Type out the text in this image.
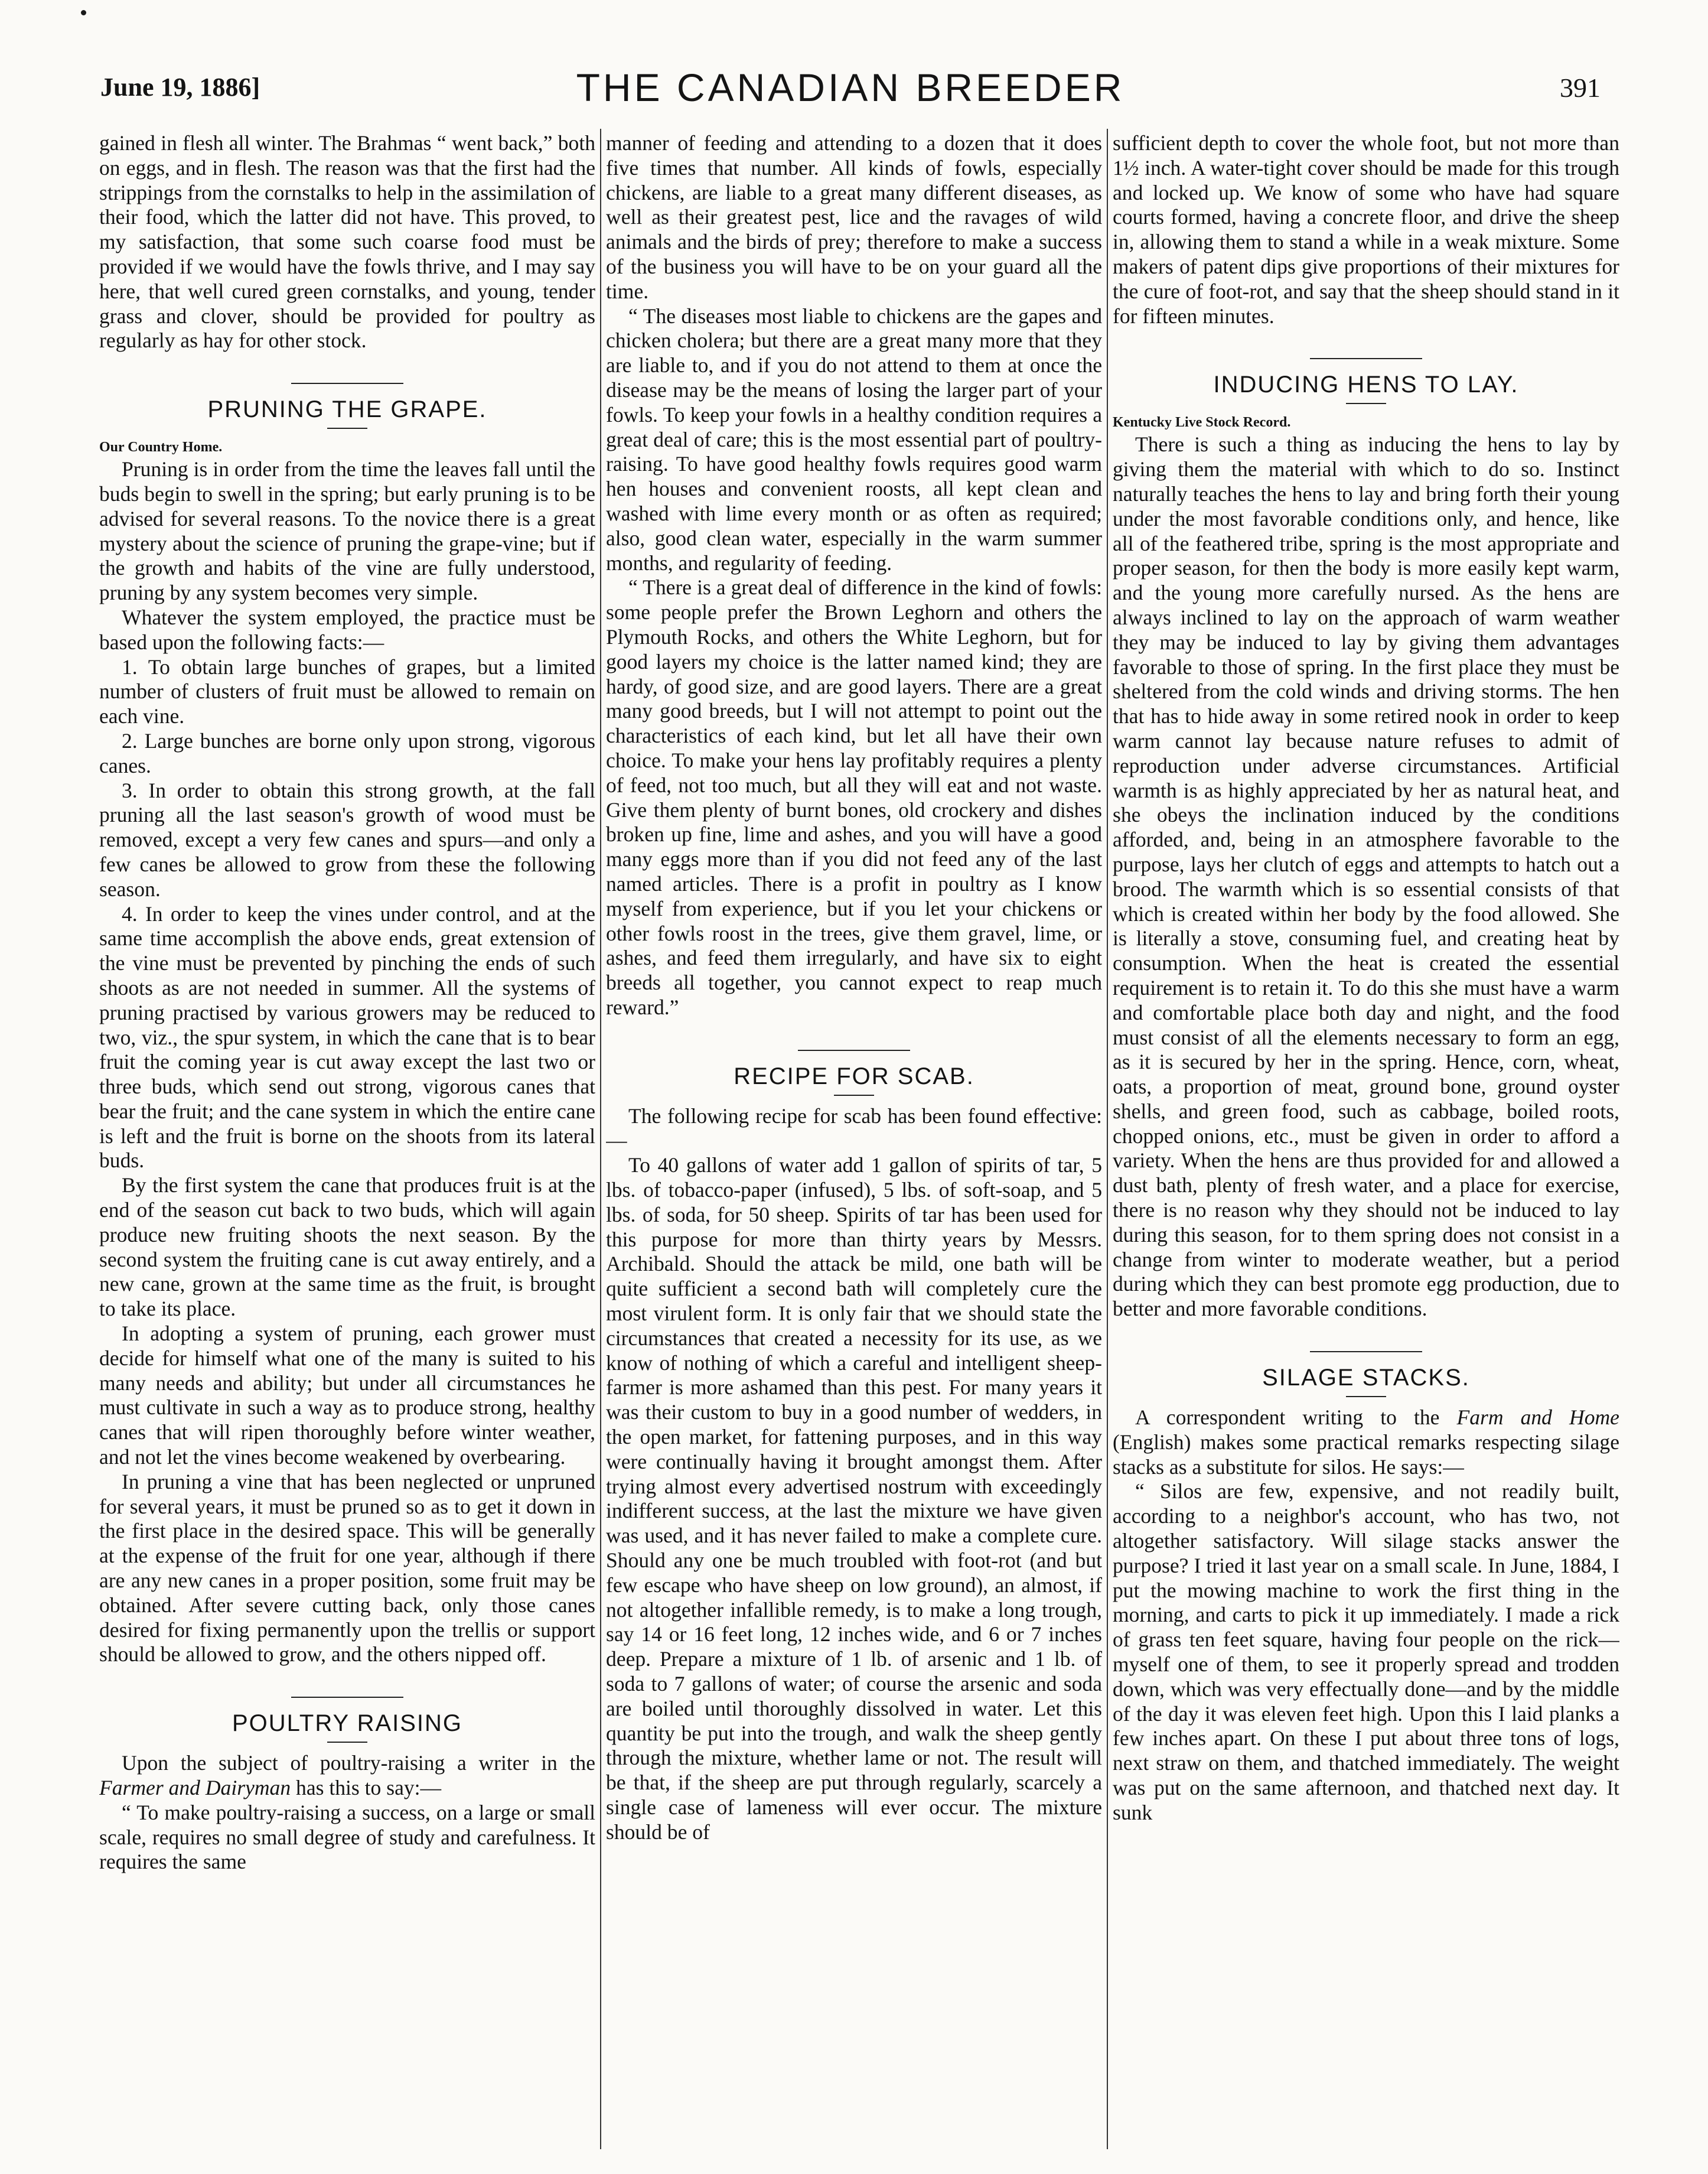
June 19, 1886]	THE CANADIAN BREEDER	391

gained in flesh all winter. The Brahmas “ went back,” both on eggs, and in flesh. The reason was that the first had the strippings from the cornstalks to help in the assimilation of their food, which the latter did not have. This proved, to my satisfaction, that some such coarse food must be provided if we would have the fowls thrive, and I may say here, that well cured green cornstalks, and young, tender grass and clover, should be provided for poultry as regularly as hay for other stock.

PRUNING THE GRAPE.
Our Country Home.

Pruning is in order from the time the leaves fall until the buds begin to swell in the spring; but early pruning is to be advised for several reasons. To the novice there is a great mystery about the science of pruning the grape-vine; but if the growth and habits of the vine are fully understood, pruning by any system becomes very simple.

Whatever the system employed, the practice must be based upon the following facts:—

1. To obtain large bunches of grapes, but a limited number of clusters of fruit must be allowed to remain on each vine.

2. Large bunches are borne only upon strong, vigorous canes.

3. In order to obtain this strong growth, at the fall pruning all the last season's growth of wood must be removed, except a very few canes and spurs—and only a few canes be allowed to grow from these the following season.

4. In order to keep the vines under control, and at the same time accomplish the above ends, great extension of the vine must be prevented by pinching the ends of such shoots as are not needed in summer. All the systems of pruning practised by various growers may be reduced to two, viz., the spur system, in which the cane that is to bear fruit the coming year is cut away except the last two or three buds, which send out strong, vigorous canes that bear the fruit; and the cane system in which the entire cane is left and the fruit is borne on the shoots from its lateral buds.

By the first system the cane that produces fruit is at the end of the season cut back to two buds, which will again produce new fruiting shoots the next season. By the second system the fruiting cane is cut away entirely, and a new cane, grown at the same time as the fruit, is brought to take its place.

In adopting a system of pruning, each grower must decide for himself what one of the many is suited to his many needs and ability; but under all circumstances he must cultivate in such a way as to produce strong, healthy canes that will ripen thoroughly before winter weather, and not let the vines become weakened by overbearing.

In pruning a vine that has been neglected or unpruned for several years, it must be pruned so as to get it down in the first place in the desired space. This will be generally at the expense of the fruit for one year, although if there are any new canes in a proper position, some fruit may be obtained. After severe cutting back, only those canes desired for fixing permanently upon the trellis or support should be allowed to grow, and the others nipped off.

POULTRY RAISING

Upon the subject of poultry-raising a writer in the Farmer and Dairyman has this to say:—

“ To make poultry-raising a success, on a large or small scale, requires no small degree of study and carefulness. It requires the same

manner of feeding and attending to a dozen that it does five times that number. All kinds of fowls, especially chickens, are liable to a great many different diseases, as well as their greatest pest, lice and the ravages of wild animals and the birds of prey; therefore to make a success of the business you will have to be on your guard all the time.

“ The diseases most liable to chickens are the gapes and chicken cholera; but there are a great many more that they are liable to, and if you do not attend to them at once the disease may be the means of losing the larger part of your fowls. To keep your fowls in a healthy condition requires a great deal of care; this is the most essential part of poultry-raising. To have good healthy fowls requires good warm hen houses and convenient roosts, all kept clean and washed with lime every month or as often as required; also, good clean water, especially in the warm summer months, and regularity of feeding.

“ There is a great deal of difference in the kind of fowls: some people prefer the Brown Leghorn and others the Plymouth Rocks, and others the White Leghorn, but for good layers my choice is the latter named kind; they are hardy, of good size, and are good layers. There are a great many good breeds, but I will not attempt to point out the characteristics of each kind, but let all have their own choice. To make your hens lay profitably requires a plenty of feed, not too much, but all they will eat and not waste. Give them plenty of burnt bones, old crockery and dishes broken up fine, lime and ashes, and you will have a good many eggs more than if you did not feed any of the last named articles. There is a profit in poultry as I know myself from experience, but if you let your chickens or other fowls roost in the trees, give them gravel, lime, or ashes, and feed them irregularly, and have six to eight breeds all together, you cannot expect to reap much reward.”

RECIPE FOR SCAB.

The following recipe for scab has been found effective:—

To 40 gallons of water add 1 gallon of spirits of tar, 5 lbs. of tobacco-paper (infused), 5 lbs. of soft-soap, and 5 lbs. of soda, for 50 sheep. Spirits of tar has been used for this purpose for more than thirty years by Messrs. Archibald. Should the attack be mild, one bath will be quite sufficient a second bath will completely cure the most virulent form. It is only fair that we should state the circumstances that created a necessity for its use, as we know of nothing of which a careful and intelligent sheep-farmer is more ashamed than this pest. For many years it was their custom to buy in a good number of wedders, in the open market, for fattening purposes, and in this way were continually having it brought amongst them. After trying almost every advertised nostrum with exceedingly indifferent success, at the last the mixture we have given was used, and it has never failed to make a complete cure. Should any one be much troubled with foot-rot (and but few escape who have sheep on low ground), an almost, if not altogether infallible remedy, is to make a long trough, say 14 or 16 feet long, 12 inches wide, and 6 or 7 inches deep. Prepare a mixture of 1 lb. of arsenic and 1 lb. of soda to 7 gallons of water; of course the arsenic and soda are boiled until thoroughly dissolved in water. Let this quantity be put into the trough, and walk the sheep gently through the mixture, whether lame or not. The result will be that, if the sheep are put through regularly, scarcely a single case of lameness will ever occur. The mixture should be of

sufficient depth to cover the whole foot, but not more than 1½ inch. A water-tight cover should be made for this trough and locked up. We know of some who have had square courts formed, having a concrete floor, and drive the sheep in, allowing them to stand a while in a weak mixture. Some makers of patent dips give proportions of their mixtures for the cure of foot-rot, and say that the sheep should stand in it for fifteen minutes.

INDUCING HENS TO LAY.
Kentucky Live Stock Record.

There is such a thing as inducing the hens to lay by giving them the material with which to do so. Instinct naturally teaches the hens to lay and bring forth their young under the most favorable conditions only, and hence, like all of the feathered tribe, spring is the most appropriate and proper season, for then the body is more easily kept warm, and the young more carefully nursed. As the hens are always inclined to lay on the approach of warm weather they may be induced to lay by giving them advantages favorable to those of spring. In the first place they must be sheltered from the cold winds and driving storms. The hen that has to hide away in some retired nook in order to keep warm cannot lay because nature refuses to admit of reproduction under adverse circumstances. Artificial warmth is as highly appreciated by her as natural heat, and she obeys the inclination induced by the conditions afforded, and, being in an atmosphere favorable to the purpose, lays her clutch of eggs and attempts to hatch out a brood. The warmth which is so essential consists of that which is created within her body by the food allowed. She is literally a stove, consuming fuel, and creating heat by consumption. When the heat is created the essential requirement is to retain it. To do this she must have a warm and comfortable place both day and night, and the food must consist of all the elements necessary to form an egg, as it is secured by her in the spring. Hence, corn, wheat, oats, a proportion of meat, ground bone, ground oyster shells, and green food, such as cabbage, boiled roots, chopped onions, etc., must be given in order to afford a variety. When the hens are thus provided for and allowed a dust bath, plenty of fresh water, and a place for exercise, there is no reason why they should not be induced to lay during this season, for to them spring does not consist in a change from winter to moderate weather, but a period during which they can best promote egg production, due to better and more favorable conditions.

SILAGE STACKS.

A correspondent writing to the Farm and Home (English) makes some practical remarks respecting silage stacks as a substitute for silos. He says:—

“ Silos are few, expensive, and not readily built, according to a neighbor's account, who has two, not altogether satisfactory. Will silage stacks answer the purpose? I tried it last year on a small scale. In June, 1884, I put the mowing machine to work the first thing in the morning, and carts to pick it up immediately. I made a rick of grass ten feet square, having four people on the rick—myself one of them, to see it properly spread and trodden down, which was very effectually done—and by the middle of the day it was eleven feet high. Upon this I laid planks a few inches apart. On these I put about three tons of logs, next straw on them, and thatched immediately. The weight was put on the same afternoon, and thatched next day. It sunk
